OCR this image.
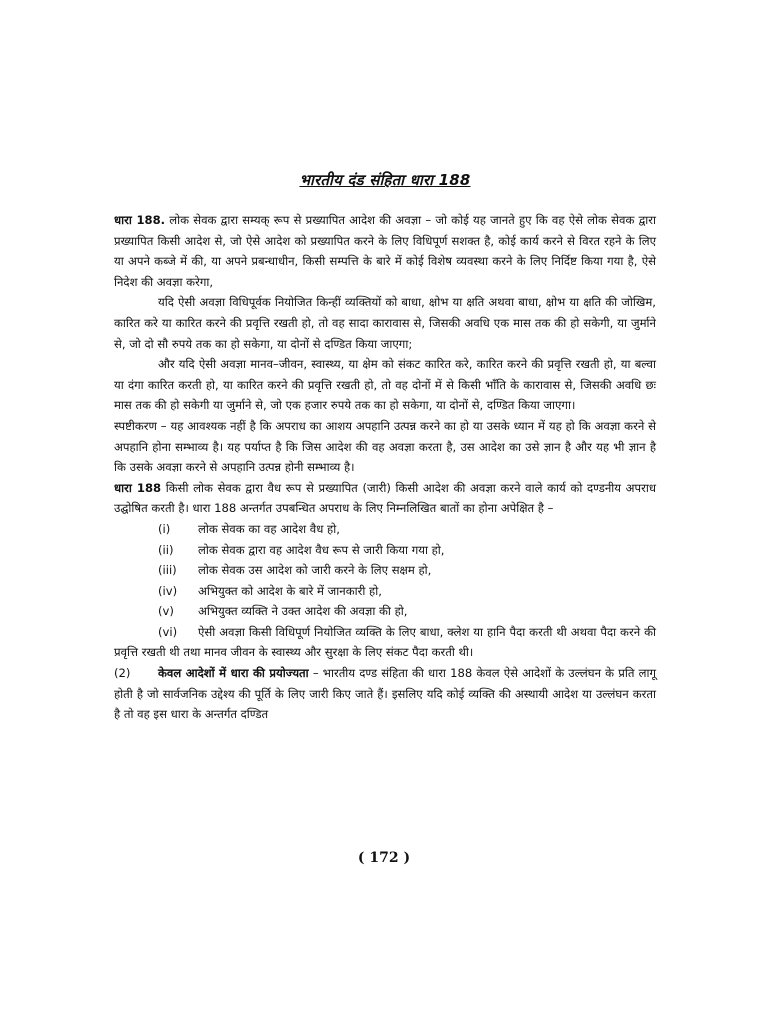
भारतीय दंड संहिता धारा 188

धारा 188. लोक सेवक द्वारा सम्यक् रूप से प्रख्यापित आदेश की अवज्ञा – जो कोई यह जानते हुए कि वह ऐसे लोक सेवक द्वारा प्रख्यापित किसी आदेश से, जो ऐसे आदेश को प्रख्यापित करने के लिए विधिपूर्ण सशक्त है, कोई कार्य करने से विरत रहने के लिए या अपने कब्जे में की, या अपने प्रबन्धाधीन, किसी सम्पत्ति के बारे में कोई विशेष व्यवस्था करने के लिए निर्दिष्ट किया गया है, ऐसे निदेश की अवज्ञा करेगा,

यदि ऐसी अवज्ञा विधिपूर्वक नियोजित किन्हीं व्यक्तियों को बाधा, क्षोभ या क्षति अथवा बाधा, क्षोभ या क्षति की जोखिम, कारित करे या कारित करने की प्रवृत्ति रखती हो, तो वह सादा कारावास से, जिसकी अवधि एक मास तक की हो सकेगी, या जुर्माने से, जो दो सौ रुपये तक का हो सकेगा, या दोनों से दण्डित किया जाएगा;

और यदि ऐसी अवज्ञा मानव–जीवन, स्वास्थ्य, या क्षेम को संकट कारित करे, कारित करने की प्रवृत्ति रखती हो, या बल्वा या दंगा कारित करती हो, या कारित करने की प्रवृत्ति रखती हो, तो वह दोनों में से किसी भाँति के कारावास से, जिसकी अवधि छः मास तक की हो सकेगी या जुर्माने से, जो एक हजार रुपये तक का हो सकेगा, या दोनों से, दण्डित किया जाएगा।

स्पष्टीकरण – यह आवश्यक नहीं है कि अपराध का आशय अपहानि उत्पन्न करने का हो या उसके ध्यान में यह हो कि अवज्ञा करने से अपहानि होना सम्भाव्य है। यह पर्याप्त है कि जिस आदेश की वह अवज्ञा करता है, उस आदेश का उसे ज्ञान है और यह भी ज्ञान है कि उसके अवज्ञा करने से अपहानि उत्पन्न होनी सम्भाव्य है।

धारा 188 किसी लोक सेवक द्वारा वैध रूप से प्रख्यापित (जारी) किसी आदेश की अवज्ञा करने वाले कार्य को दण्डनीय अपराध उद्घोषित करती है। धारा 188 अन्तर्गत उपबन्धित अपराध के लिए निम्नलिखित बातों का होना अपेक्षित है –

(i)	लोक सेवक का वह आदेश वैध हो,
(ii)	लोक सेवक द्वारा वह आदेश वैध रूप से जारी किया गया हो,
(iii)	लोक सेवक उस आदेश को जारी करने के लिए सक्षम हो,
(iv)	अभियुक्त को आदेश के बारे में जानकारी हो,
(v)	अभियुक्त व्यक्ति ने उक्त आदेश की अवज्ञा की हो,

(vi) ऐसी अवज्ञा किसी विधिपूर्ण नियोजित व्यक्ति के लिए बाधा, क्लेश या हानि पैदा करती थी अथवा पैदा करने की प्रवृत्ति रखती थी तथा मानव जीवन के स्वास्थ्य और सुरक्षा के लिए संकट पैदा करती थी।

(2) केवल आदेशों में धारा की प्रयोज्यता – भारतीय दण्ड संहिता की धारा 188 केवल ऐसे आदेशों के उल्लंघन के प्रति लागू होती है जो सार्वजनिक उद्देश्य की पूर्ति के लिए जारी किए जाते हैं। इसलिए यदि कोई व्यक्ति की अस्थायी आदेश या उल्लंघन करता है तो वह इस धारा के अन्तर्गत दण्डित

( 172 )
